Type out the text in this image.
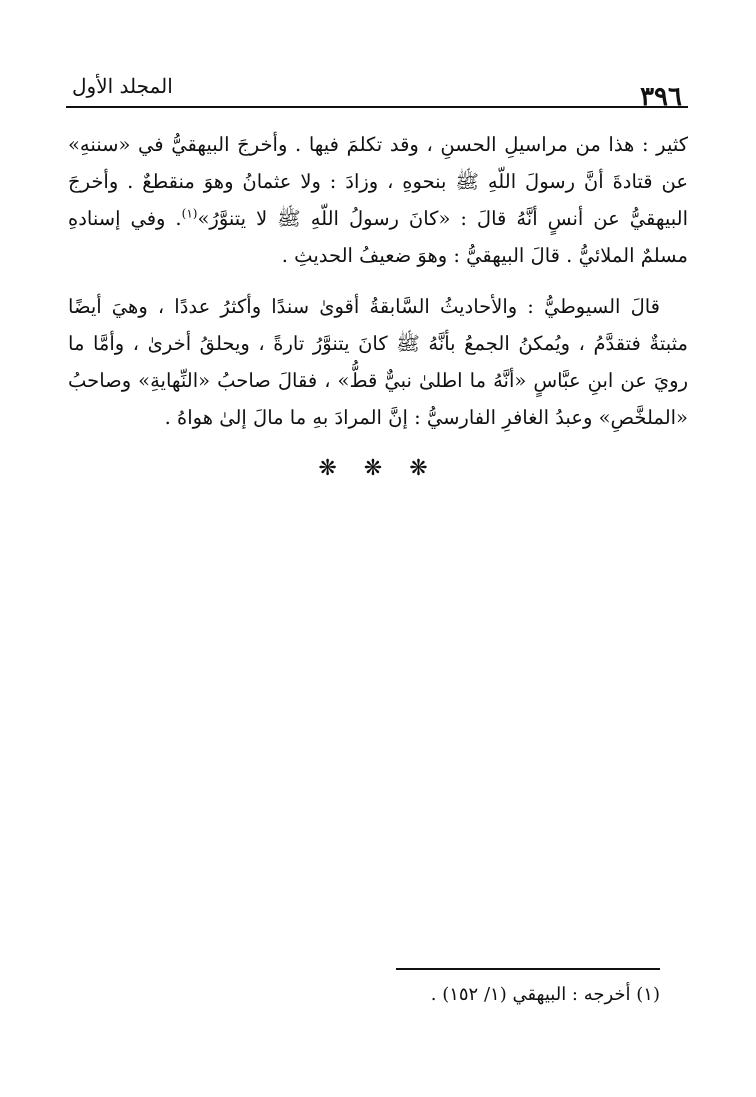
٣٩٦
المجلد الأول

كثير : هذا من مراسيلِ الحسنِ ، وقد تكلمَ فيها . وأخرجَ البيهقيُّ في «سننهِ» عن قتادةَ أنَّ رسولَ اللّهِ ﷺ بنحوهِ ، وزادَ : ولا عثمانُ وهوَ منقطعٌ . وأخرجَ البيهقيُّ عن أنسٍ أنَّهُ قالَ : «كانَ رسولُ اللّهِ ﷺ لا يتنوَّرُ»$^{(١)}$. وفي إسنادهِ مسلمٌ الملائيُّ . قالَ البيهقيُّ : وهوَ ضعيفُ الحديثِ .

قالَ السيوطيُّ : والأحاديثُ السَّابقةُ أقوىٰ سندًا وأكثرُ عددًا ، وهيَ أيضًا مثبتةٌ فتقدَّمُ ، ويُمكنُ الجمعُ بأنَّهُ ﷺ كانَ يتنوَّرُ تارةً ، ويحلقُ أخرىٰ ، وأمَّا ما رويَ عن ابنِ عبَّاسٍ «أنَّهُ ما اطلىٰ نبيٌّ قطُّ» ، فقالَ صاحبُ «النِّهايةِ» وصاحبُ «الملخَّصِ» وعبدُ الغافرِ الفارسيُّ : إنَّ المرادَ بهِ ما مالَ إلىٰ هواهُ .

❋ ❋ ❋
(١) أخرجه : البيهقي (١/ ١٥٢) .
